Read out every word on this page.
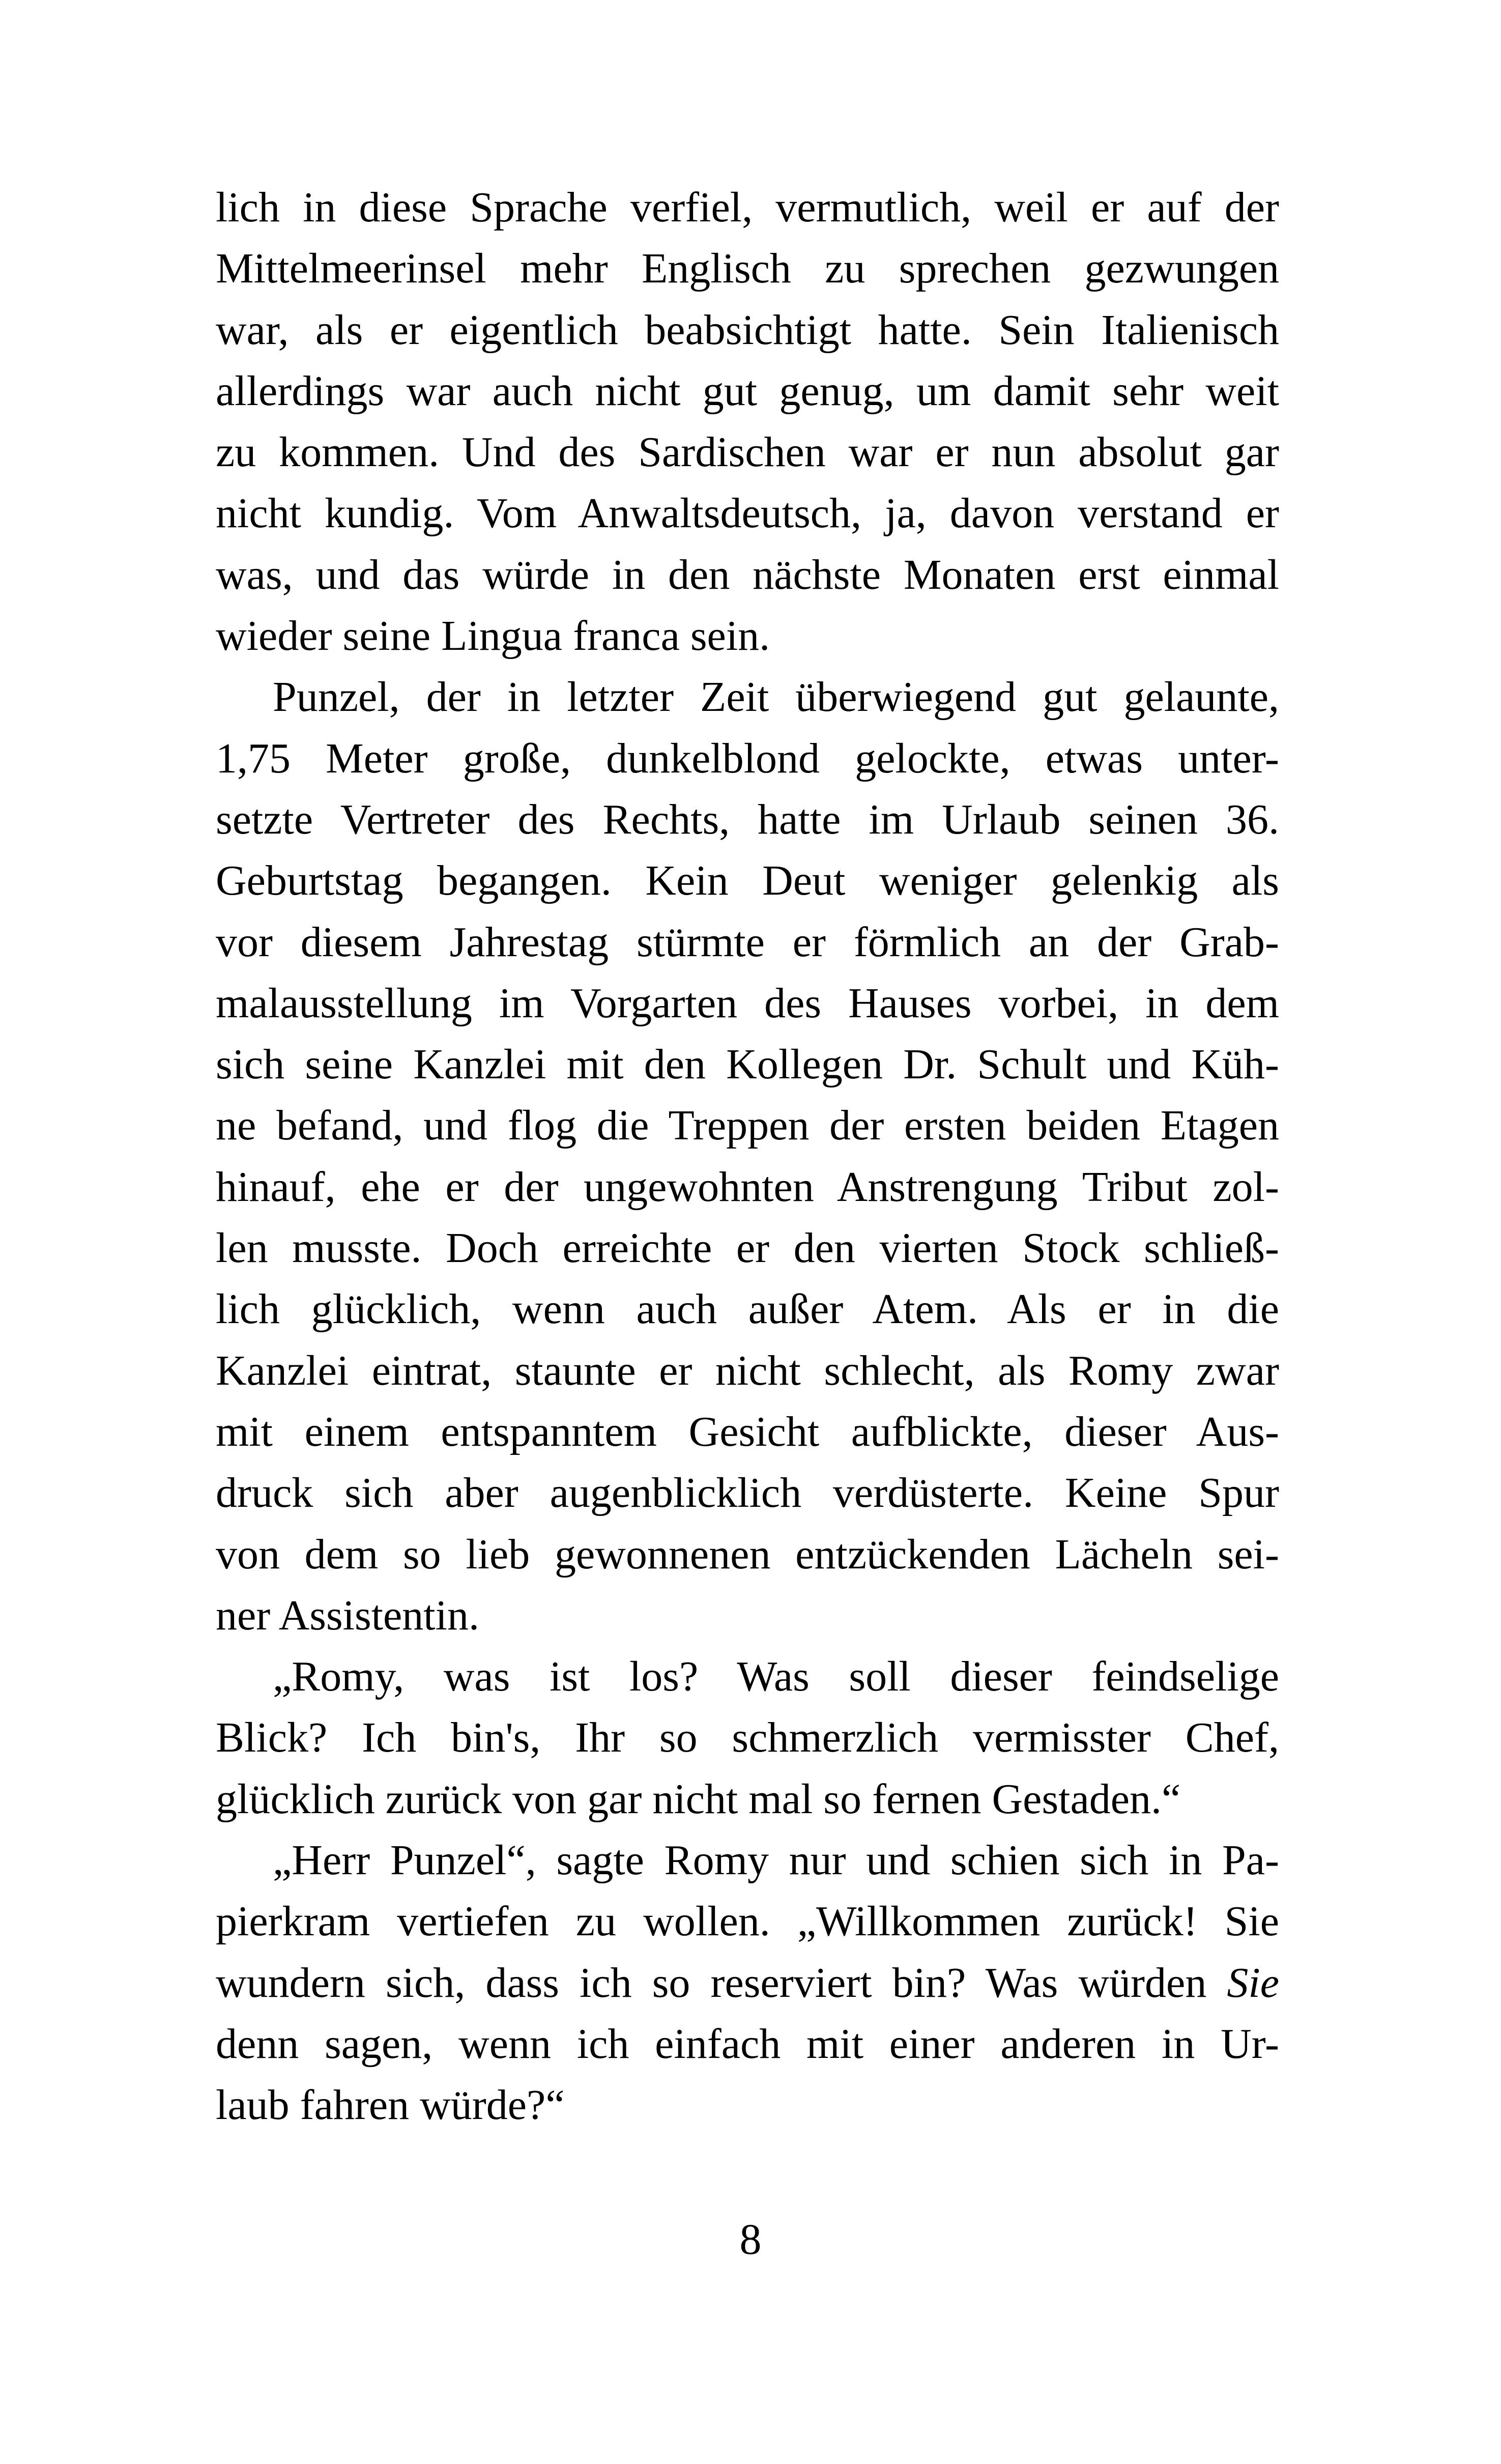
lich in diese Sprache verfiel, vermutlich, weil er auf der
Mittelmeerinsel mehr Englisch zu sprechen gezwungen
war, als er eigentlich beabsichtigt hatte. Sein Italienisch
allerdings war auch nicht gut genug, um damit sehr weit
zu kommen. Und des Sardischen war er nun absolut gar
nicht kundig. Vom Anwaltsdeutsch, ja, davon verstand er
was, und das würde in den nächste Monaten erst einmal
wieder seine Lingua franca sein.
Punzel, der in letzter Zeit überwiegend gut gelaunte,
1,75 Meter große, dunkelblond gelockte, etwas unter-
setzte Vertreter des Rechts, hatte im Urlaub seinen 36.
Geburtstag begangen. Kein Deut weniger gelenkig als
vor diesem Jahrestag stürmte er förmlich an der Grab-
malausstellung im Vorgarten des Hauses vorbei, in dem
sich seine Kanzlei mit den Kollegen Dr. Schult und Küh-
ne befand, und flog die Treppen der ersten beiden Etagen
hinauf, ehe er der ungewohnten Anstrengung Tribut zol-
len musste. Doch erreichte er den vierten Stock schließ-
lich glücklich, wenn auch außer Atem. Als er in die
Kanzlei eintrat, staunte er nicht schlecht, als Romy zwar
mit einem entspanntem Gesicht aufblickte, dieser Aus-
druck sich aber augenblicklich verdüsterte. Keine Spur
von dem so lieb gewonnenen entzückenden Lächeln sei-
ner Assistentin.
„Romy, was ist los? Was soll dieser feindselige
Blick? Ich bin's, Ihr so schmerzlich vermisster Chef,
glücklich zurück von gar nicht mal so fernen Gestaden.“
„Herr Punzel“, sagte Romy nur und schien sich in Pa-
pierkram vertiefen zu wollen. „Willkommen zurück! Sie
wundern sich, dass ich so reserviert bin? Was würden Sie
denn sagen, wenn ich einfach mit einer anderen in Ur-
laub fahren würde?“
8
